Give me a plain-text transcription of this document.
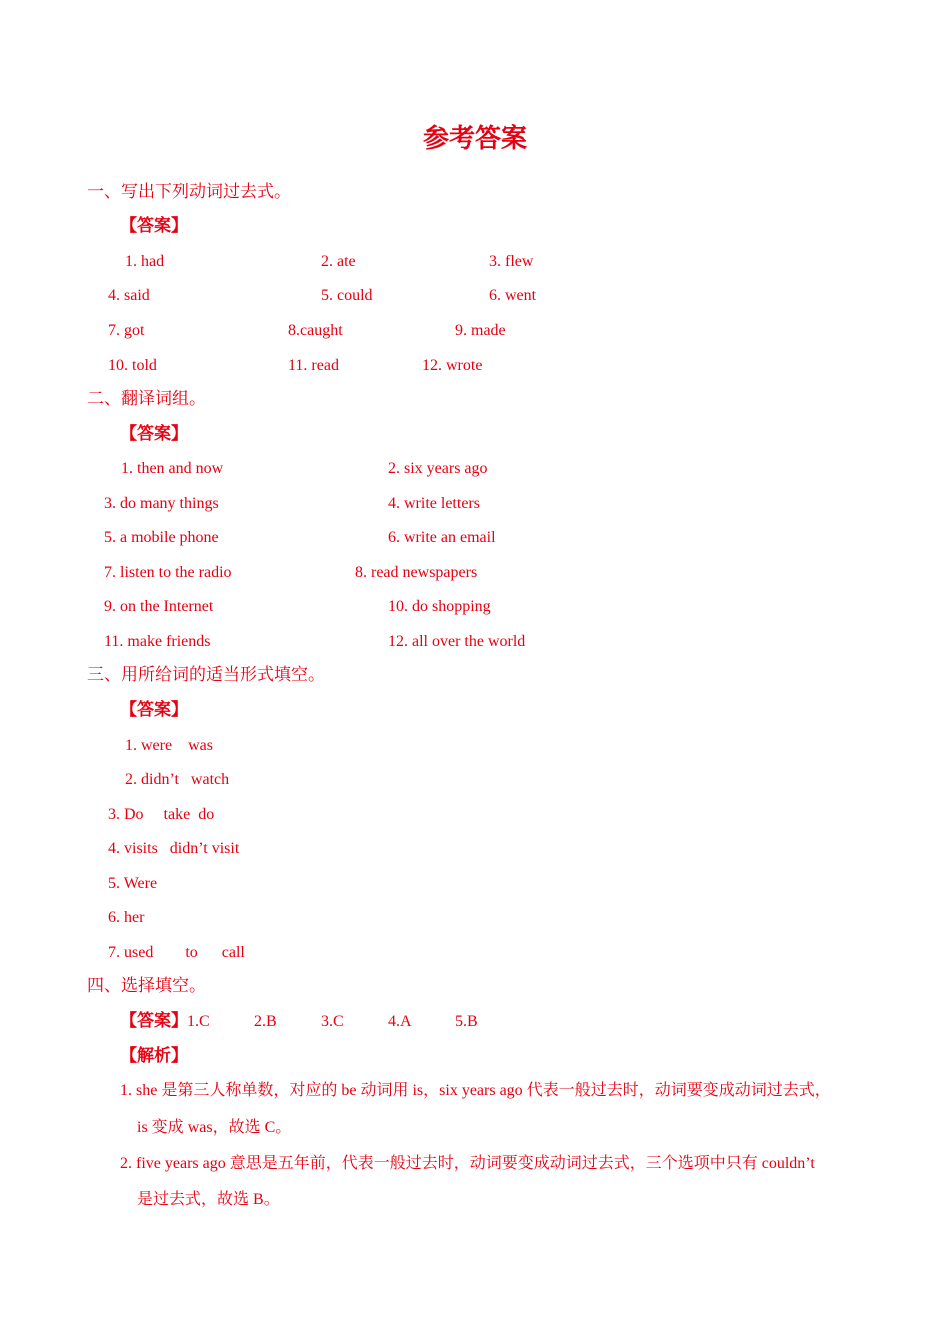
参考答案
一、写出下列动词过去式。
【答案】
1. had	2. ate	3. flew
4. said	5. could	6. went
7. got	8.caught	9. made
10. told	11. read	12. wrote
二、翻译词组。
【答案】
1. then and now	2. six years ago
3. do many things	4. write letters
5. a mobile phone	6. write an email
7. listen to the radio	8. read newspapers
9. on the Internet	10. do shopping
11. make friends	12. all over the world
三、用所给词的适当形式填空。
【答案】
1. were    was
2. didn’t   watch
3. Do     take  do
4. visits   didn’t visit
5. Were
6. her
7. used        to      call
四、选择填空。
【答案】 1.C	2.B	3.C	4.A	5.B
【解析】
1. she 是第三人称单数，对应的 be 动词用 is，six years ago 代表一般过去时，动词要变成动词过去式，
is 变成 was，故选 C。
2. five years ago 意思是五年前，代表一般过去时，动词要变成动词过去式，三个选项中只有 couldn’t
是过去式，故选 B。
